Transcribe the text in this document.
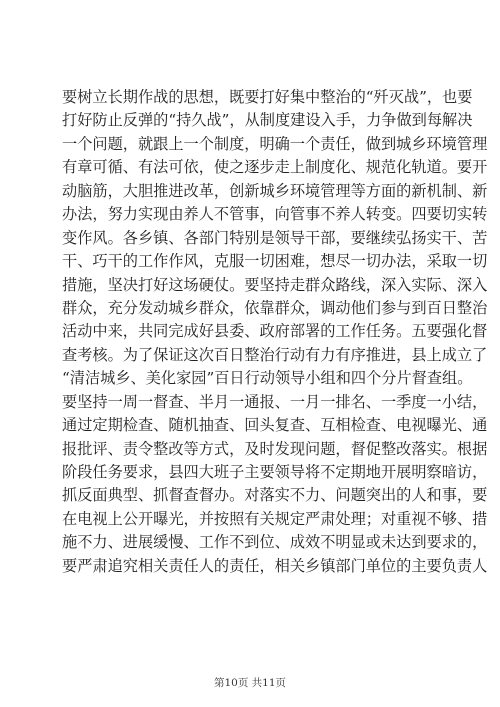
要树立长期作战的思想，既要打好集中整治的“歼灭战”，也要
打好防止反弹的“持久战”，从制度建设入手，力争做到每解决
一个问题，就跟上一个制度，明确一个责任，做到城乡环境管理
有章可循、有法可依，使之逐步走上制度化、规范化轨道。要开
动脑筋，大胆推进改革，创新城乡环境管理等方面的新机制、新
办法，努力实现由养人不管事，向管事不养人转变。四要切实转
变作风。各乡镇、各部门特别是领导干部，要继续弘扬实干、苦
干、巧干的工作作风，克服一切困难，想尽一切办法，采取一切
措施，坚决打好这场硬仗。要坚持走群众路线，深入实际、深入
群众，充分发动城乡群众，依靠群众，调动他们参与到百日整治
活动中来，共同完成好县委、政府部署的工作任务。五要强化督
查考核。为了保证这次百日整治行动有力有序推进，县上成立了
“清洁城乡、美化家园”百日行动领导小组和四个分片督查组。
要坚持一周一督查、半月一通报、一月一排名、一季度一小结，
通过定期检查、随机抽查、回头复查、互相检查、电视曝光、通
报批评、责令整改等方式，及时发现问题，督促整改落实。根据
阶段任务要求，县四大班子主要领导将不定期地开展明察暗访，
抓反面典型、抓督查督办。对落实不力、问题突出的人和事，要
在电视上公开曝光，并按照有关规定严肃处理；对重视不够、措
施不力、进展缓慢、工作不到位、成效不明显或未达到要求的，
要严肃追究相关责任人的责任，相关乡镇部门单位的主要负责人
第10页 共11页
